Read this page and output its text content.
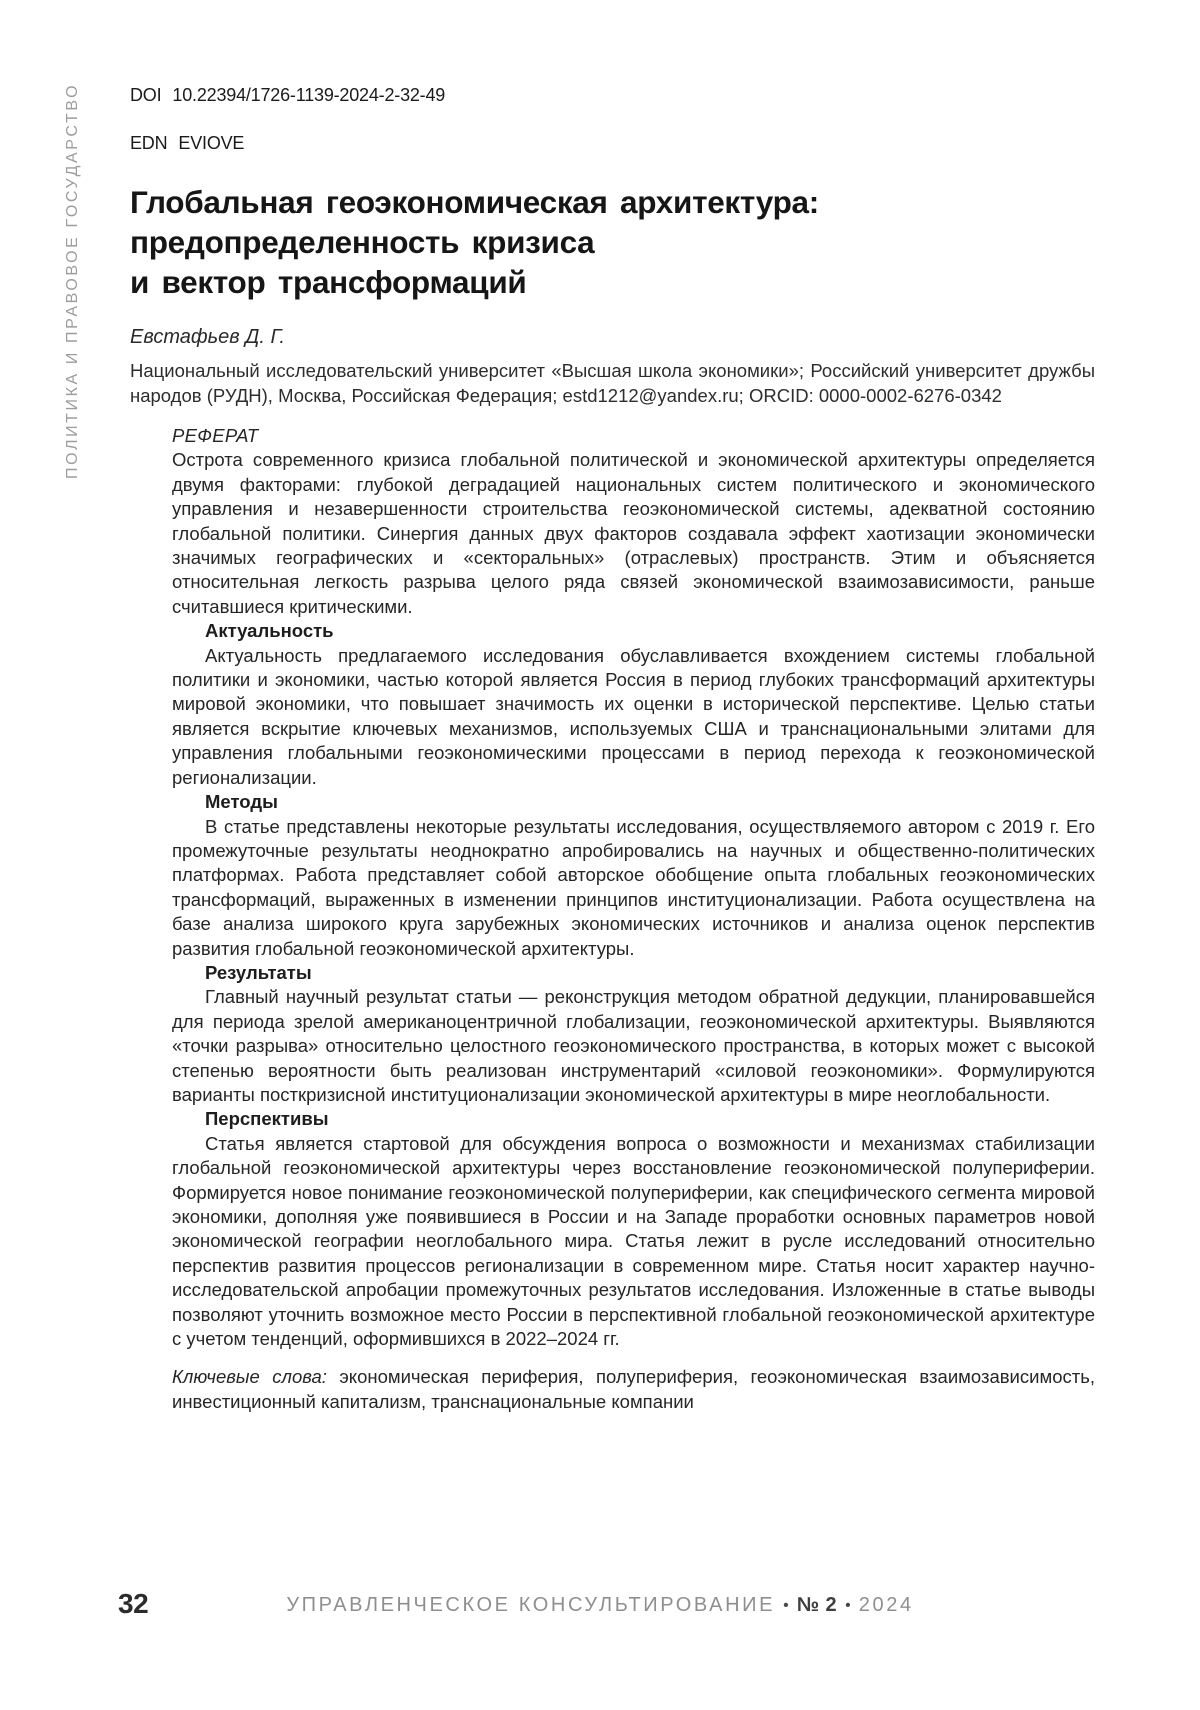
ПОЛИТИКА И ПРАВОВОЕ ГОСУДАРСТВО	DOI 10.22394/1726-1139-2024-2-32-49
EDN EVIOVE
Глобальная геоэкономическая архитектура:
предопределенность кризиса
и вектор трансформаций
Евстафьев Д. Г.
Национальный исследовательский университет «Высшая школа экономики»; Российский университет дружбы народов (РУДН), Москва, Российская Федерация; estd1212@yandex.ru; ORCID: 0000-0002-6276-0342
РЕФЕРАТ

Острота современного кризиса глобальной политической и экономической архитектуры определяется двумя факторами: глубокой деградацией национальных систем политического и экономического управления и незавершенности строительства геоэкономической системы, адекватной состоянию глобальной политики. Синергия данных двух факторов создавала эффект хаотизации экономически значимых географических и «секторальных» (отраслевых) пространств. Этим и объясняется относительная легкость разрыва целого ряда связей экономической взаимозависимости, раньше считавшиеся критическими.

Актуальность

Актуальность предлагаемого исследования обуславливается вхождением системы глобальной политики и экономики, частью которой является Россия в период глубоких трансформаций архитектуры мировой экономики, что повышает значимость их оценки в исторической перспективе. Целью статьи является вскрытие ключевых механизмов, используемых США и транснациональными элитами для управления глобальными геоэкономическими процессами в период перехода к геоэкономической регионализации.

Методы

В статье представлены некоторые результаты исследования, осуществляемого автором с 2019 г. Его промежуточные результаты неоднократно апробировались на научных и общественно-политических платформах. Работа представляет собой авторское обобщение опыта глобальных геоэкономических трансформаций, выраженных в изменении принципов институционализации. Работа осуществлена на базе анализа широкого круга зарубежных экономических источников и анализа оценок перспектив развития глобальной геоэкономической архитектуры.

Результаты

Главный научный результат статьи — реконструкция методом обратной дедукции, планировавшейся для периода зрелой американоцентричной глобализации, геоэкономической архитектуры. Выявляются «точки разрыва» относительно целостного геоэкономического пространства, в которых может с высокой степенью вероятности быть реализован инструментарий «силовой геоэкономики». Формулируются варианты посткризисной институционализации экономической архитектуры в мире неоглобальности.

Перспективы

Статья является стартовой для обсуждения вопроса о возможности и механизмах стабилизации глобальной геоэкономической архитектуры через восстановление геоэкономической полупериферии. Формируется новое понимание геоэкономической полупериферии, как специфического сегмента мировой экономики, дополняя уже появившиеся в России и на Западе проработки основных параметров новой экономической географии неоглобального мира. Статья лежит в русле исследований относительно перспектив развития процессов регионализации в современном мире. Статья носит характер научно-исследовательской апробации промежуточных результатов исследования. Изложенные в статье выводы позволяют уточнить возможное место России в перспективной глобальной геоэкономической архитектуре с учетом тенденций, оформившихся в 2022–2024 гг.

Ключевые слова: экономическая периферия, полупериферия, геоэкономическая взаимозависимость, инвестиционный капитализм, транснациональные компании
32	УПРАВЛЕНЧЕСКОЕ КОНСУЛЬТИРОВАНИЕ • № 2 • 2024
